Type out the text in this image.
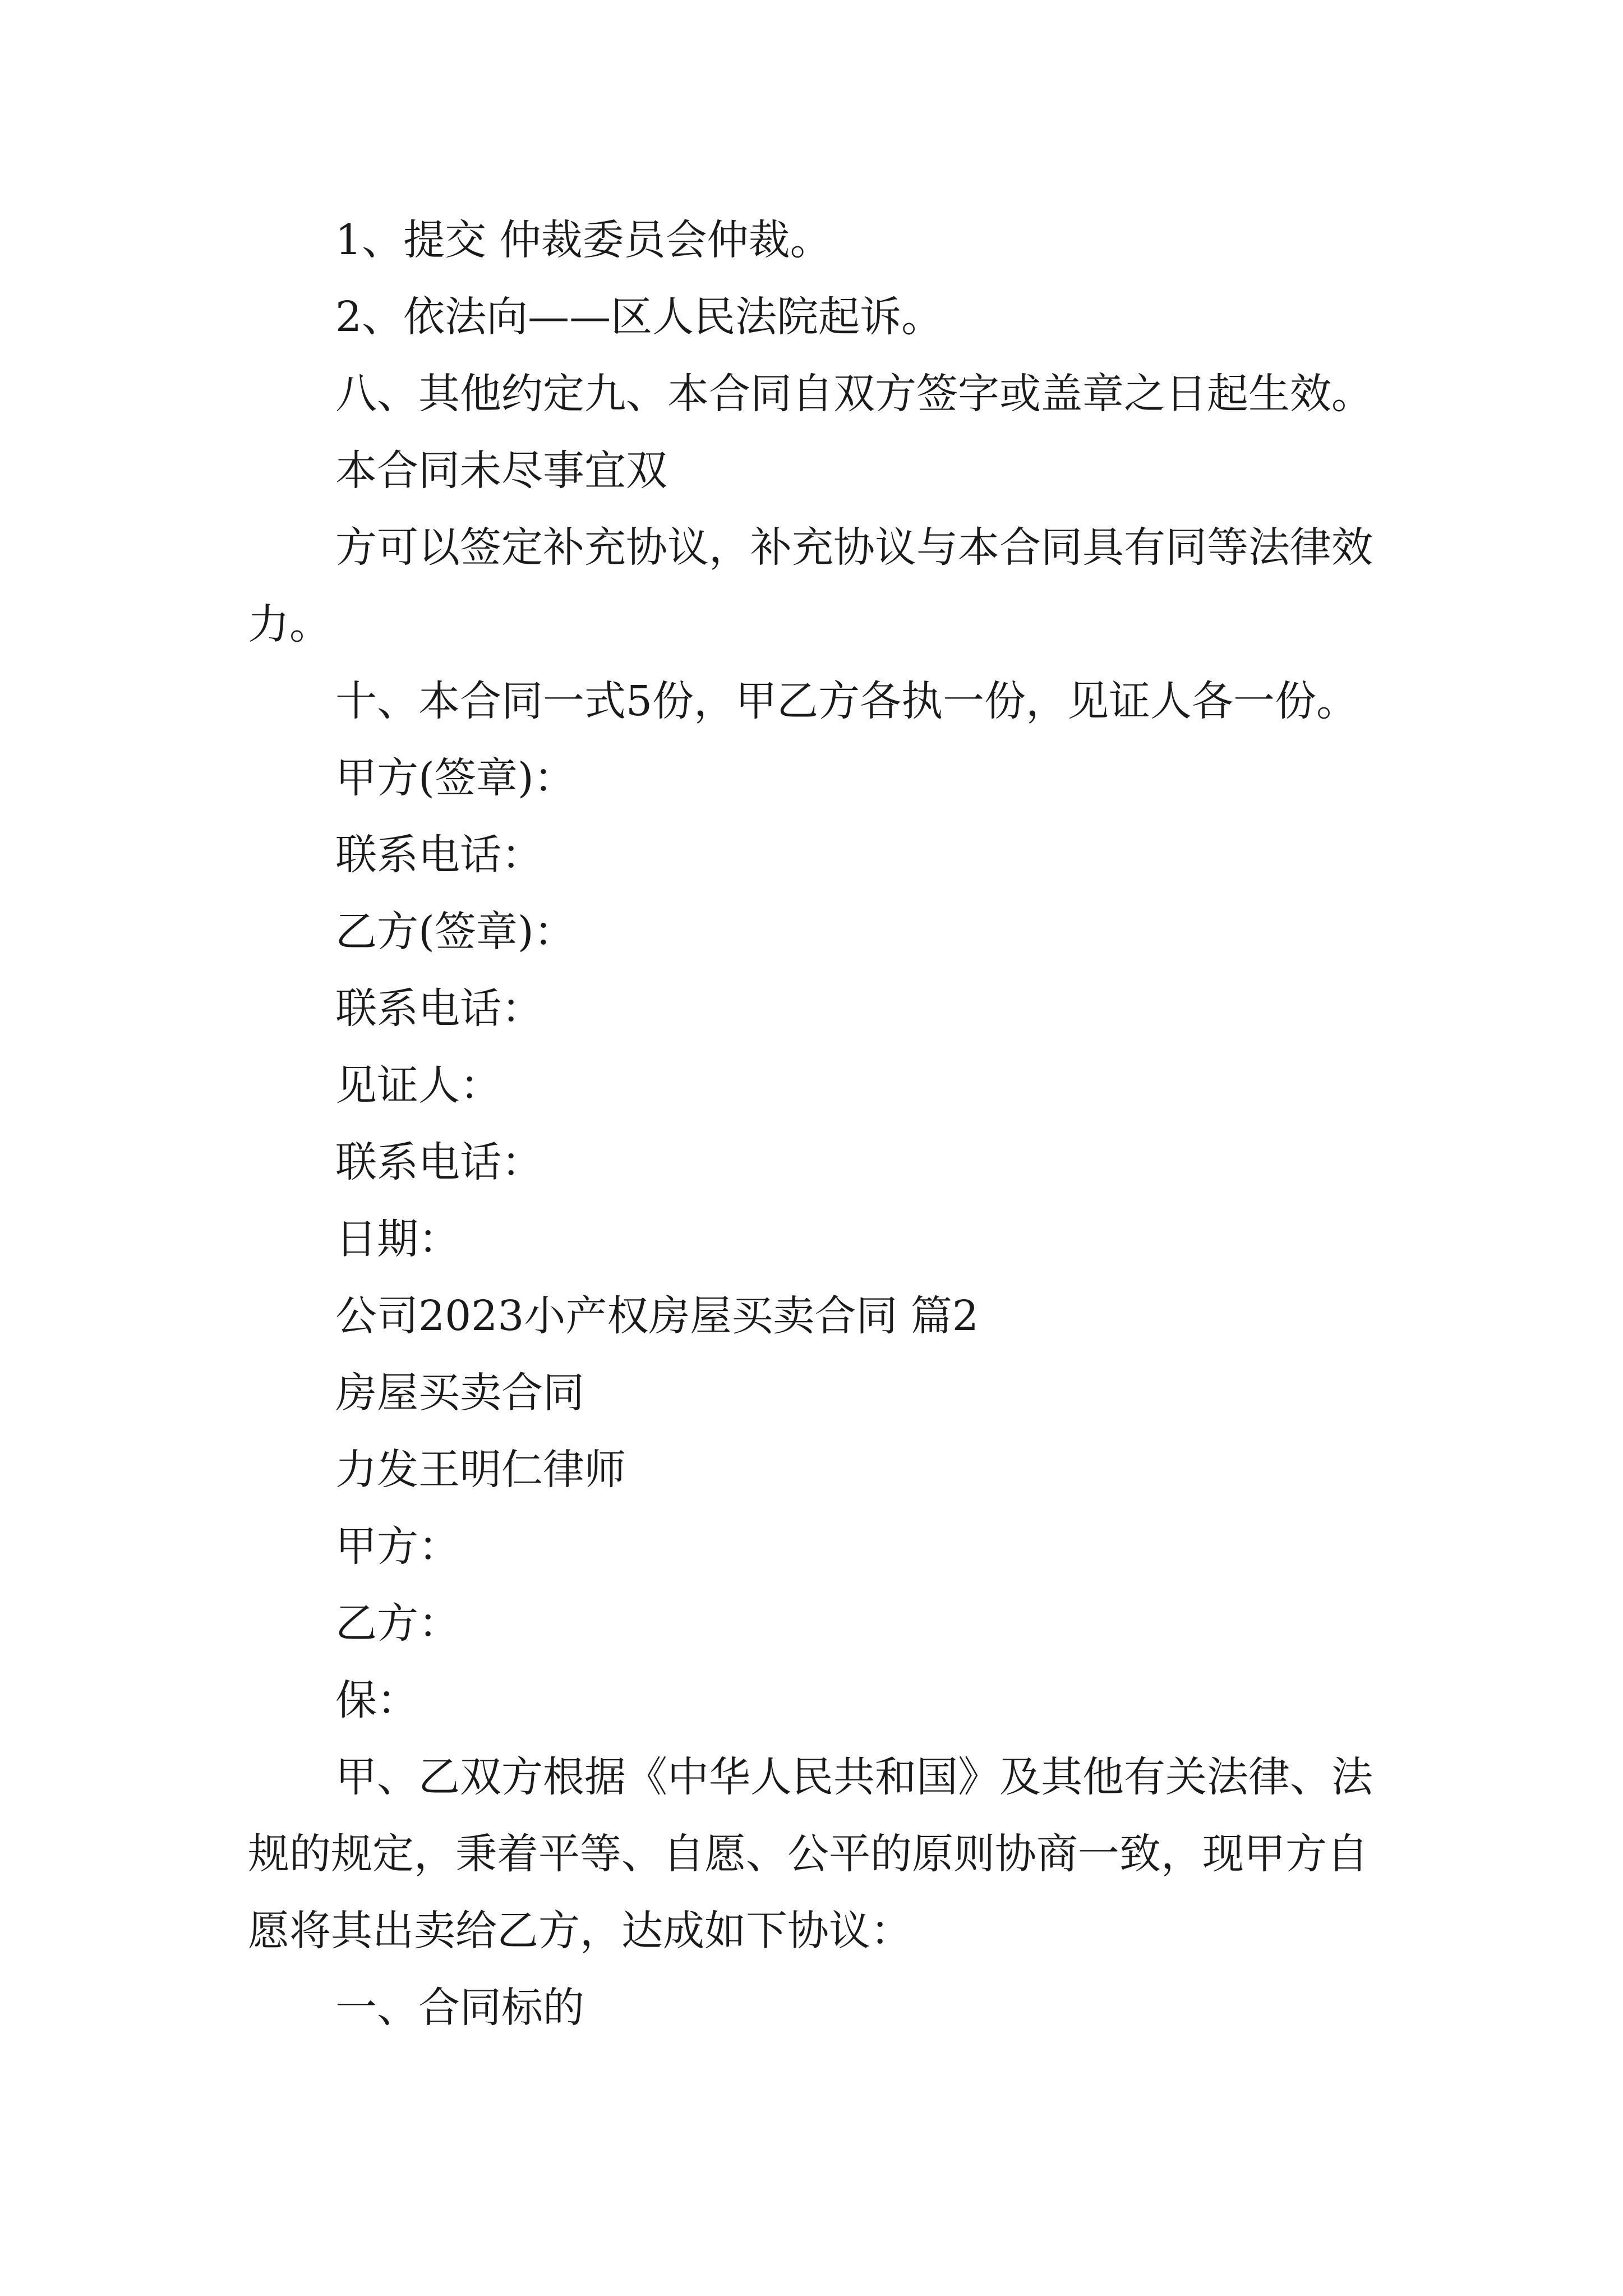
1、提交 仲裁委员会仲裁。

2、依法向——区人民法院起诉。

八、其他约定九、本合同自双方签字或盖章之日起生效。

本合同未尽事宜双

方可以签定补充协议，补充协议与本合同具有同等法律效力。

十、本合同一式5份，甲乙方各执一份，见证人各一份。

甲方(签章)：

联系电话：

乙方(签章)：

联系电话：

见证人：

联系电话：

日期：

公司2023小产权房屋买卖合同 篇2

房屋买卖合同

力发王明仁律师

甲方：

乙方：

保：

甲、乙双方根据《中华人民共和国》及其他有关法律、法规的规定，秉着平等、自愿、公平的原则协商一致，现甲方自愿将其出卖给乙方，达成如下协议：

一、合同标的
